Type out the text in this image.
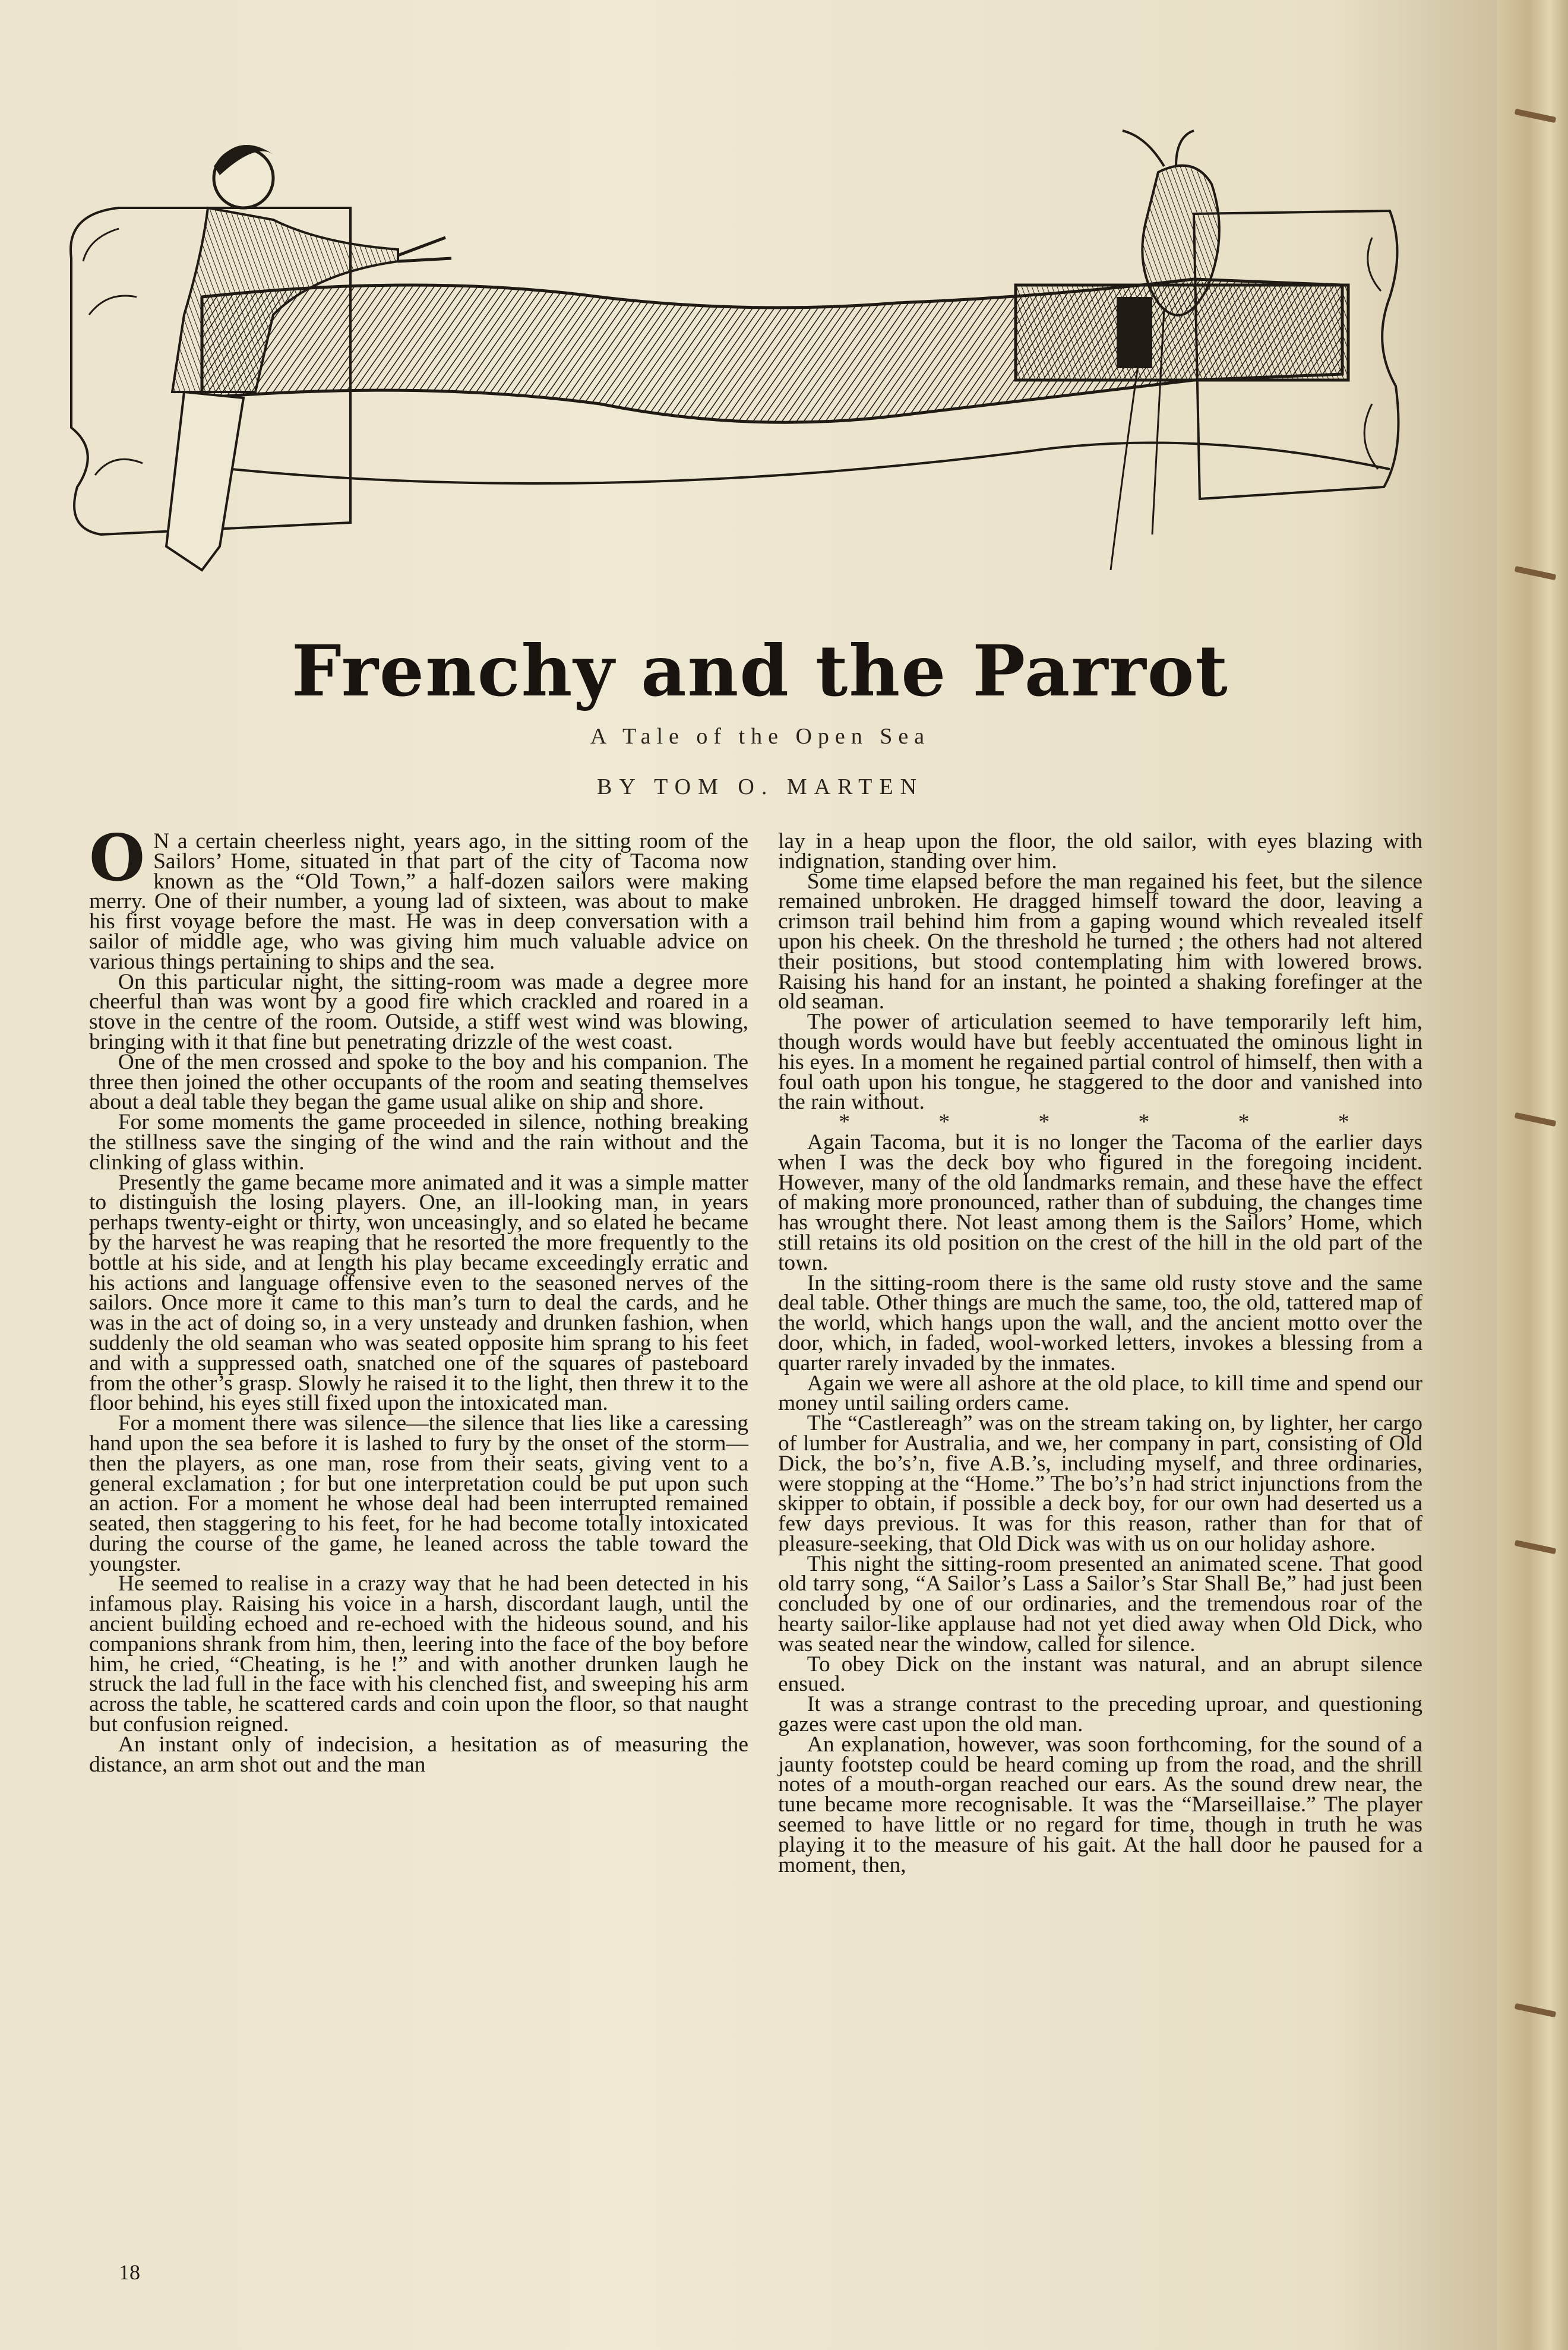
Frenchy and the Parrot
A Tale of the Open Sea
BY TOM O. MARTEN

O N a certain cheerless night, years ago, in the sitting room of the Sailors’ Home, situated in that part of the city of Tacoma now known as the “Old Town,” a half-dozen sailors were making merry. One of their number, a young lad of sixteen, was about to make his first voyage before the mast. He was in deep conversation with a sailor of middle age, who was giving him much valuable advice on various things pertaining to ships and the sea.

On this particular night, the sitting-room was made a degree more cheerful than was wont by a good fire which crackled and roared in a stove in the centre of the room. Outside, a stiff west wind was blowing, bringing with it that fine but penetrating drizzle of the west coast.

One of the men crossed and spoke to the boy and his companion. The three then joined the other occupants of the room and seating themselves about a deal table they began the game usual alike on ship and shore.

For some moments the game proceeded in silence, nothing breaking the stillness save the singing of the wind and the rain without and the clinking of glass within.

Presently the game became more animated and it was a simple matter to distinguish the losing players. One, an ill-looking man, in years perhaps twenty-eight or thirty, won unceasingly, and so elated he became by the harvest he was reaping that he resorted the more frequently to the bottle at his side, and at length his play became exceedingly erratic and his actions and language offensive even to the seasoned nerves of the sailors. Once more it came to this man’s turn to deal the cards, and he was in the act of doing so, in a very unsteady and drunken fashion, when suddenly the old seaman who was seated opposite him sprang to his feet and with a suppressed oath, snatched one of the squares of pasteboard from the other’s grasp. Slowly he raised it to the light, then threw it to the floor behind, his eyes still fixed upon the intoxicated man.

For a moment there was silence—the silence that lies like a caressing hand upon the sea before it is lashed to fury by the onset of the storm—then the players, as one man, rose from their seats, giving vent to a general exclamation ; for but one interpretation could be put upon such an action. For a moment he whose deal had been interrupted remained seated, then staggering to his feet, for he had become totally intoxicated during the course of the game, he leaned across the table toward the youngster.

He seemed to realise in a crazy way that he had been detected in his infamous play. Raising his voice in a harsh, discordant laugh, until the ancient building echoed and re-echoed with the hideous sound, and his companions shrank from him, then, leering into the face of the boy before him, he cried, “Cheating, is he !” and with another drunken laugh he struck the lad full in the face with his clenched fist, and sweeping his arm across the table, he scattered cards and coin upon the floor, so that naught but confusion reigned.

An instant only of indecision, a hesitation as of measuring the distance, an arm shot out and the man

lay in a heap upon the floor, the old sailor, with eyes blazing with indignation, standing over him.

Some time elapsed before the man regained his feet, but the silence remained unbroken. He dragged himself toward the door, leaving a crimson trail behind him from a gaping wound which revealed itself upon his cheek. On the threshold he turned ; the others had not altered their positions, but stood contemplating him with lowered brows. Raising his hand for an instant, he pointed a shaking forefinger at the old seaman.

The power of articulation seemed to have temporarily left him, though words would have but feebly accentuated the ominous light in his eyes. In a moment he regained partial control of himself, then with a foul oath upon his tongue, he staggered to the door and vanished into the rain without.

* * * * * *

Again Tacoma, but it is no longer the Tacoma of the earlier days when I was the deck boy who figured in the foregoing incident. However, many of the old landmarks remain, and these have the effect of making more pronounced, rather than of subduing, the changes time has wrought there. Not least among them is the Sailors’ Home, which still retains its old position on the crest of the hill in the old part of the town.

In the sitting-room there is the same old rusty stove and the same deal table. Other things are much the same, too, the old, tattered map of the world, which hangs upon the wall, and the ancient motto over the door, which, in faded, wool-worked letters, invokes a blessing from a quarter rarely invaded by the inmates.

Again we were all ashore at the old place, to kill time and spend our money until sailing orders came.

The “Castlereagh” was on the stream taking on, by lighter, her cargo of lumber for Australia, and we, her company in part, consisting of Old Dick, the bo’s’n, five A.B.’s, including myself, and three ordinaries, were stopping at the “Home.” The bo’s’n had strict injunctions from the skipper to obtain, if possible a deck boy, for our own had deserted us a few days previous. It was for this reason, rather than for that of pleasure-seeking, that Old Dick was with us on our holiday ashore.

This night the sitting-room presented an animated scene. That good old tarry song, “A Sailor’s Lass a Sailor’s Star Shall Be,” had just been concluded by one of our ordinaries, and the tremendous roar of the hearty sailor-like applause had not yet died away when Old Dick, who was seated near the window, called for silence.

To obey Dick on the instant was natural, and an abrupt silence ensued.

It was a strange contrast to the preceding uproar, and questioning gazes were cast upon the old man.

An explanation, however, was soon forthcoming, for the sound of a jaunty footstep could be heard coming up from the road, and the shrill notes of a mouth-organ reached our ears. As the sound drew near, the tune became more recognisable. It was the “Marseillaise.” The player seemed to have little or no regard for time, though in truth he was playing it to the measure of his gait. At the hall door he paused for a moment, then,

18
